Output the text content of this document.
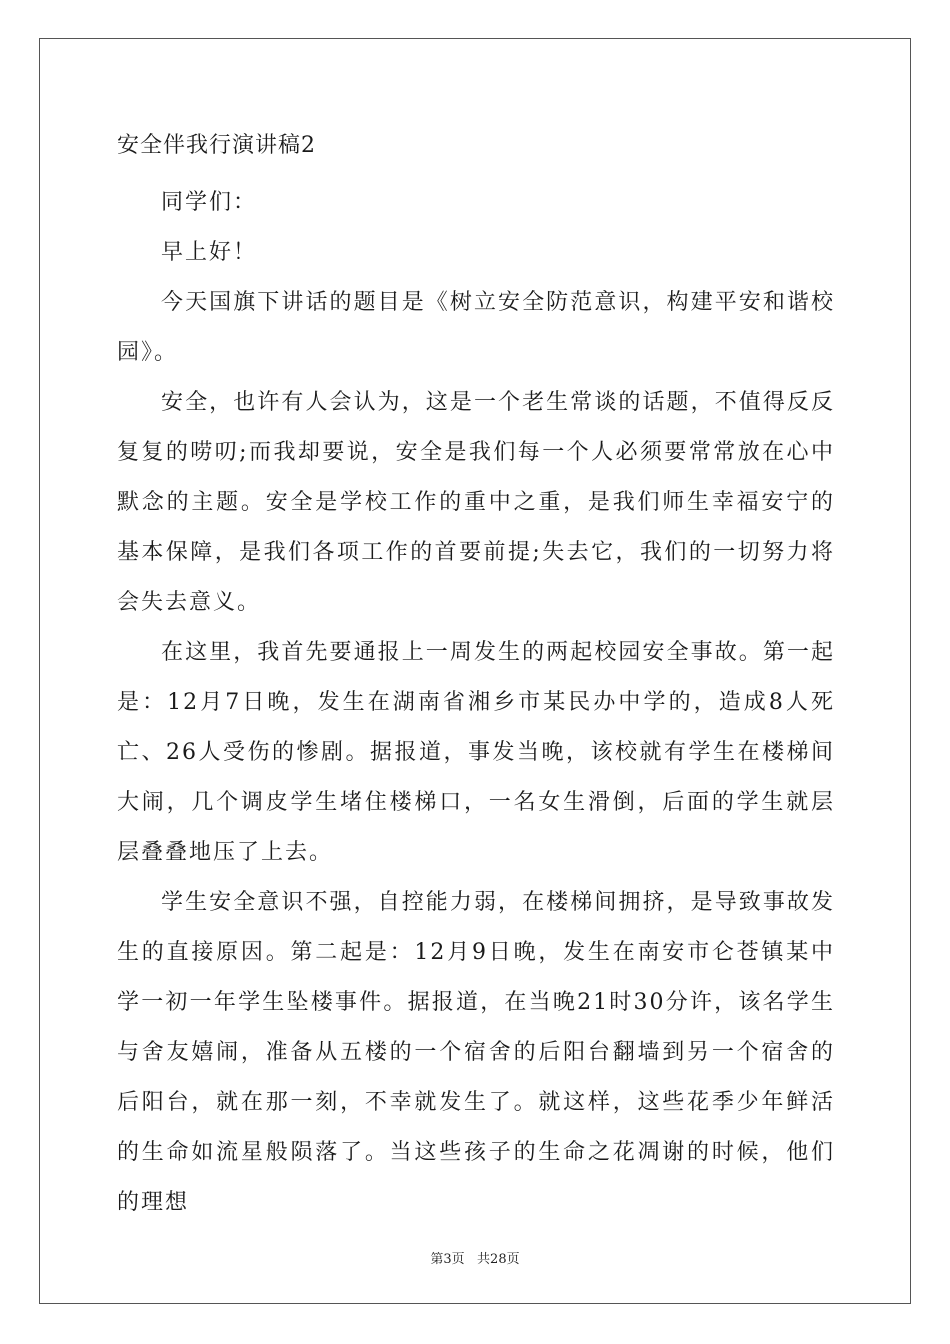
安全伴我行演讲稿2

同学们：

早上好！

今天国旗下讲话的题目是《树立安全防范意识，构建平安和谐校园》。

安全，也许有人会认为，这是一个老生常谈的话题，不值得反反复复的唠叨;而我却要说，安全是我们每一个人必须要常常放在心中默念的主题。安全是学校工作的重中之重，是我们师生幸福安宁的基本保障，是我们各项工作的首要前提;失去它，我们的一切努力将会失去意义。

在这里，我首先要通报上一周发生的两起校园安全事故。第一起是：12月7日晚，发生在湖南省湘乡市某民办中学的，造成8人死亡、26人受伤的惨剧。据报道，事发当晚，该校就有学生在楼梯间大闹，几个调皮学生堵住楼梯口，一名女生滑倒，后面的学生就层层叠叠地压了上去。

学生安全意识不强，自控能力弱，在楼梯间拥挤，是导致事故发生的直接原因。第二起是：12月9日晚，发生在南安市仑苍镇某中学一初一年学生坠楼事件。据报道，在当晚21时30分许，该名学生与舍友嬉闹，准备从五楼的一个宿舍的后阳台翻墙到另一个宿舍的后阳台，就在那一刻，不幸就发生了。就这样，这些花季少年鲜活的生命如流星般陨落了。当这些孩子的生命之花凋谢的时候，他们的理想

第3页   共28页
